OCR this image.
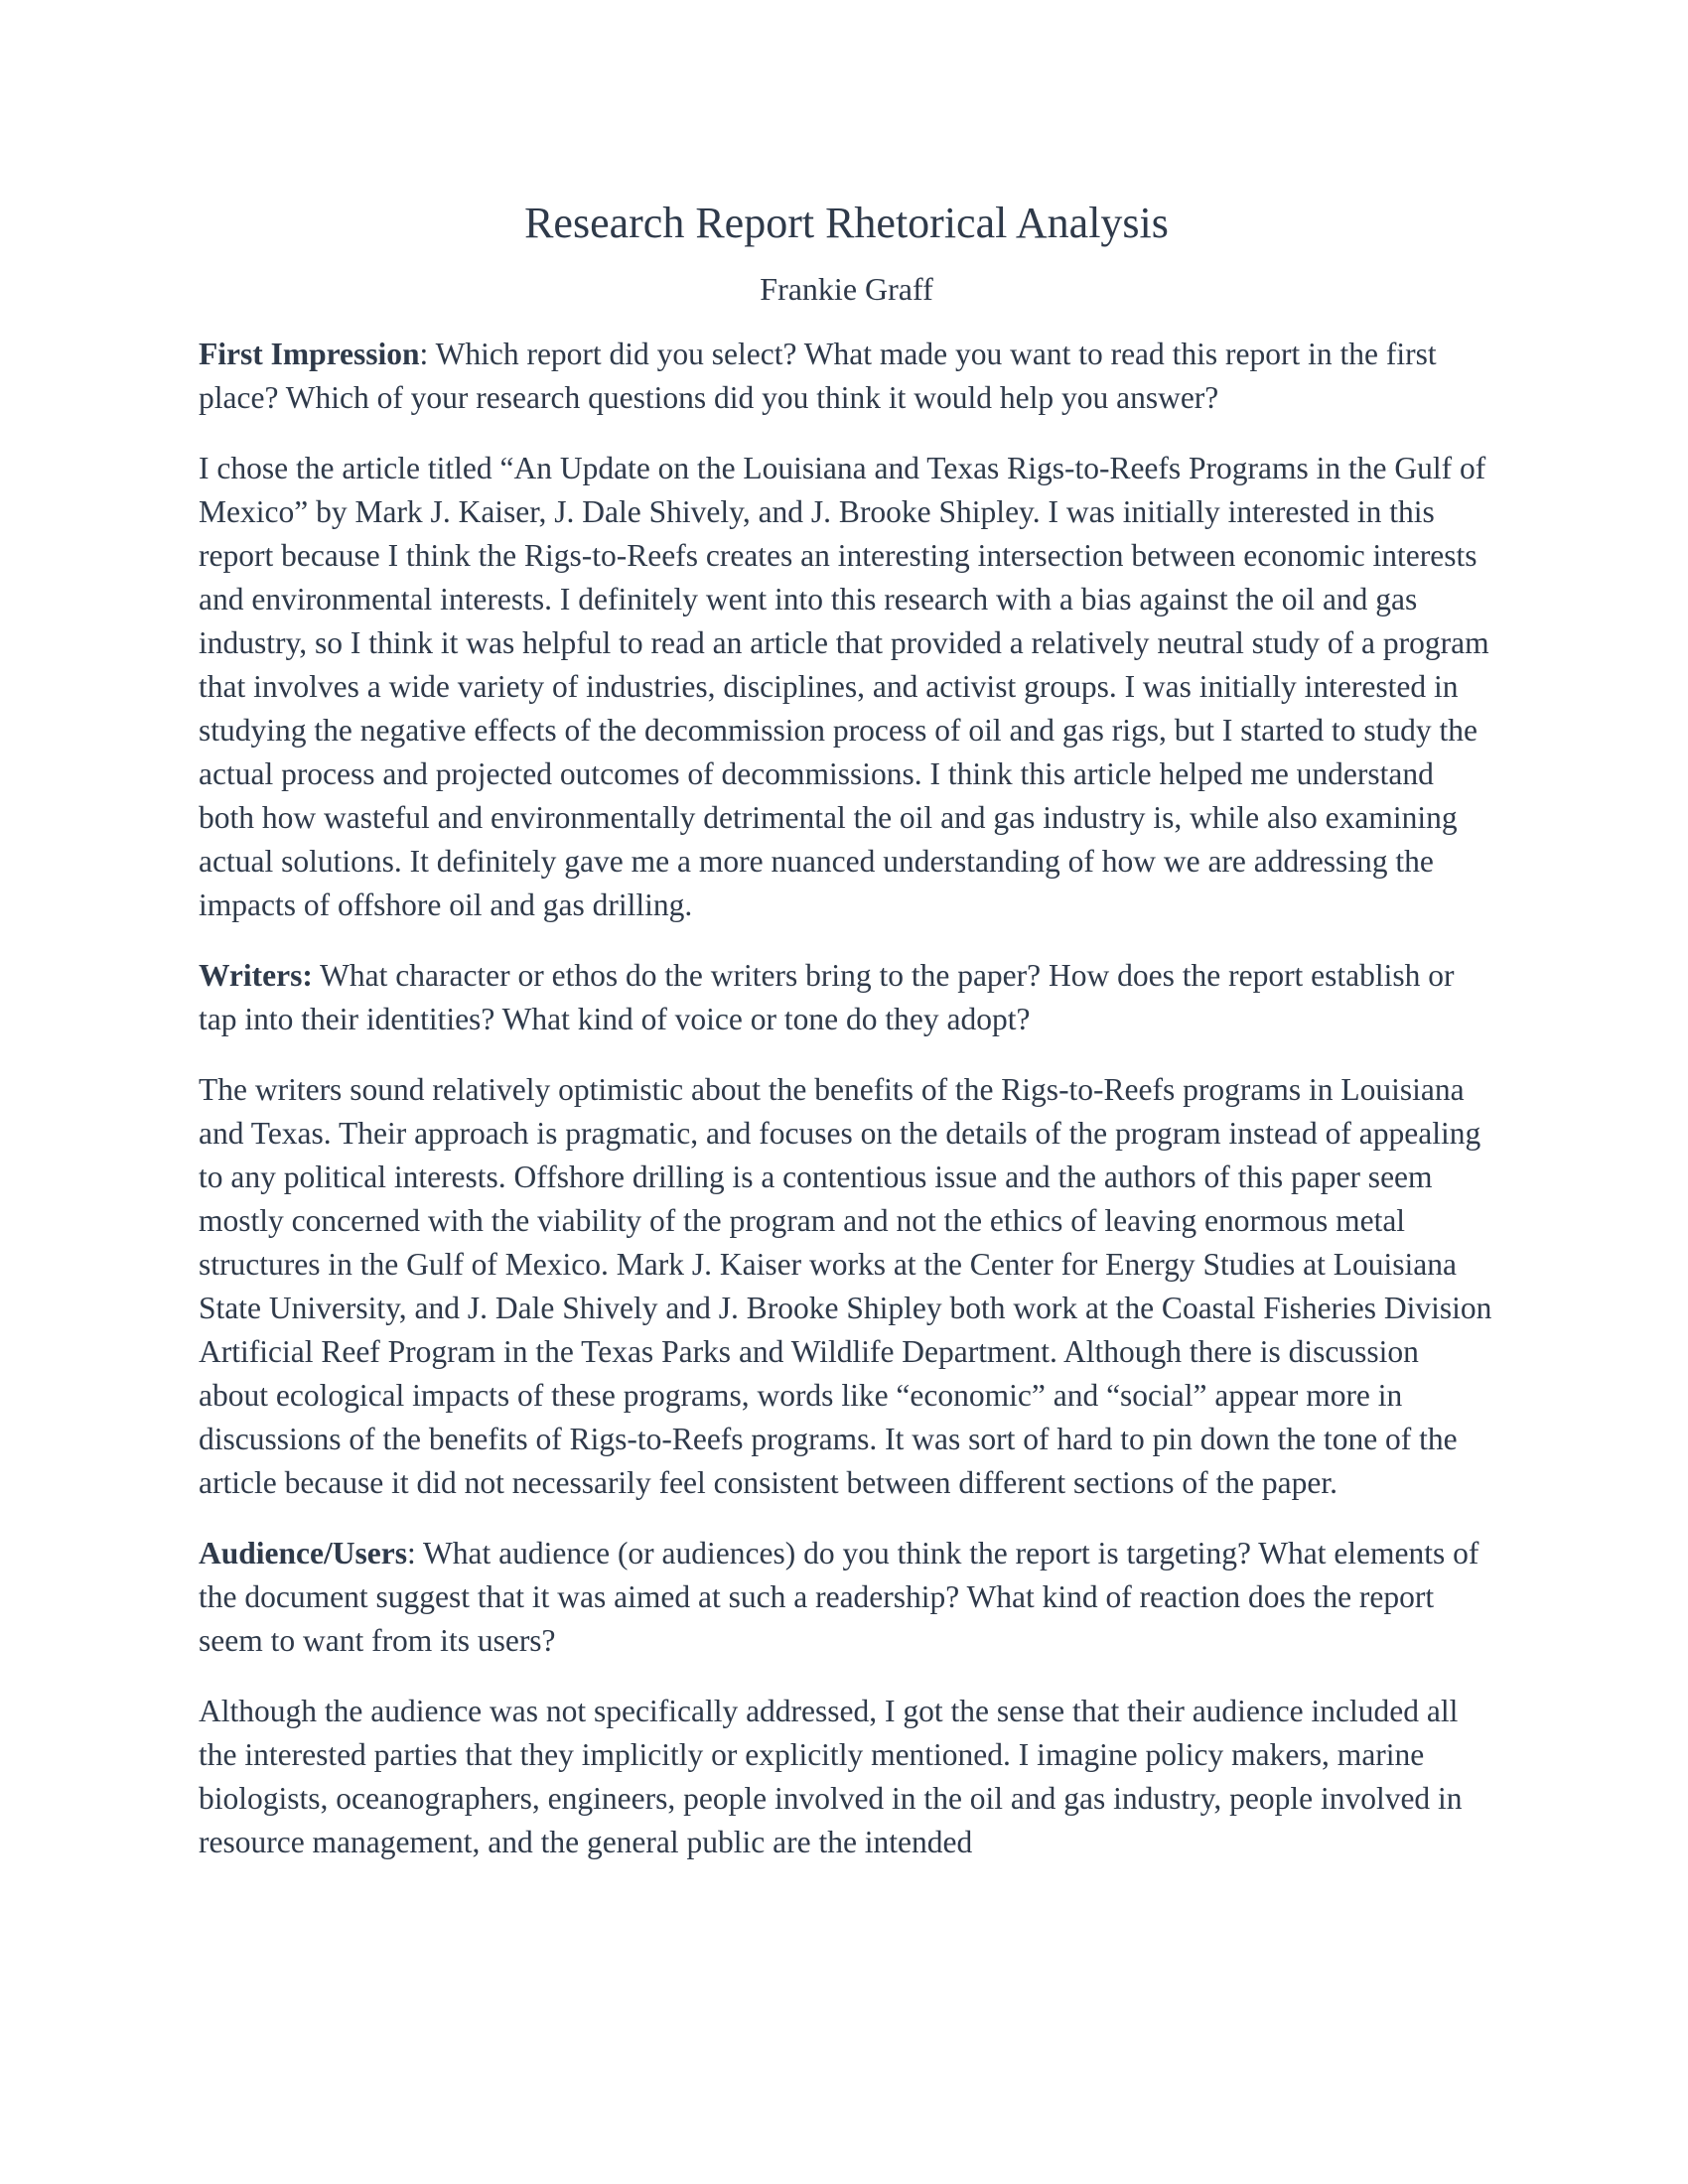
Research Report Rhetorical Analysis
Frankie Graff

First Impression: Which report did you select? What made you want to read this report in the first place? Which of your research questions did you think it would help you answer?

I chose the article titled “An Update on the Louisiana and Texas Rigs-to-Reefs Programs in the Gulf of Mexico” by Mark J. Kaiser, J. Dale Shively, and J. Brooke Shipley. I was initially interested in this report because I think the Rigs-to-Reefs creates an interesting intersection between economic interests and environmental interests. I definitely went into this research with a bias against the oil and gas industry, so I think it was helpful to read an article that provided a relatively neutral study of a program that involves a wide variety of industries, disciplines, and activist groups. I was initially interested in studying the negative effects of the decommission process of oil and gas rigs, but I started to study the actual process and projected outcomes of decommissions. I think this article helped me understand both how wasteful and environmentally detrimental the oil and gas industry is, while also examining actual solutions. It definitely gave me a more nuanced understanding of how we are addressing the impacts of offshore oil and gas drilling.

Writers: What character or ethos do the writers bring to the paper? How does the report establish or tap into their identities? What kind of voice or tone do they adopt?

The writers sound relatively optimistic about the benefits of the Rigs-to-Reefs programs in Louisiana and Texas. Their approach is pragmatic, and focuses on the details of the program instead of appealing to any political interests. Offshore drilling is a contentious issue and the authors of this paper seem mostly concerned with the viability of the program and not the ethics of leaving enormous metal structures in the Gulf of Mexico. Mark J. Kaiser works at the Center for Energy Studies at Louisiana State University, and J. Dale Shively and J. Brooke Shipley both work at the Coastal Fisheries Division Artificial Reef Program in the Texas Parks and Wildlife Department. Although there is discussion about ecological impacts of these programs, words like “economic” and “social” appear more in discussions of the benefits of Rigs-to-Reefs programs. It was sort of hard to pin down the tone of the article because it did not necessarily feel consistent between different sections of the paper.

Audience/Users: What audience (or audiences) do you think the report is targeting? What elements of the document suggest that it was aimed at such a readership? What kind of reaction does the report seem to want from its users?

Although the audience was not specifically addressed, I got the sense that their audience included all the interested parties that they implicitly or explicitly mentioned. I imagine policy makers, marine biologists, oceanographers, engineers, people involved in the oil and gas industry, people involved in resource management, and the general public are the intended
